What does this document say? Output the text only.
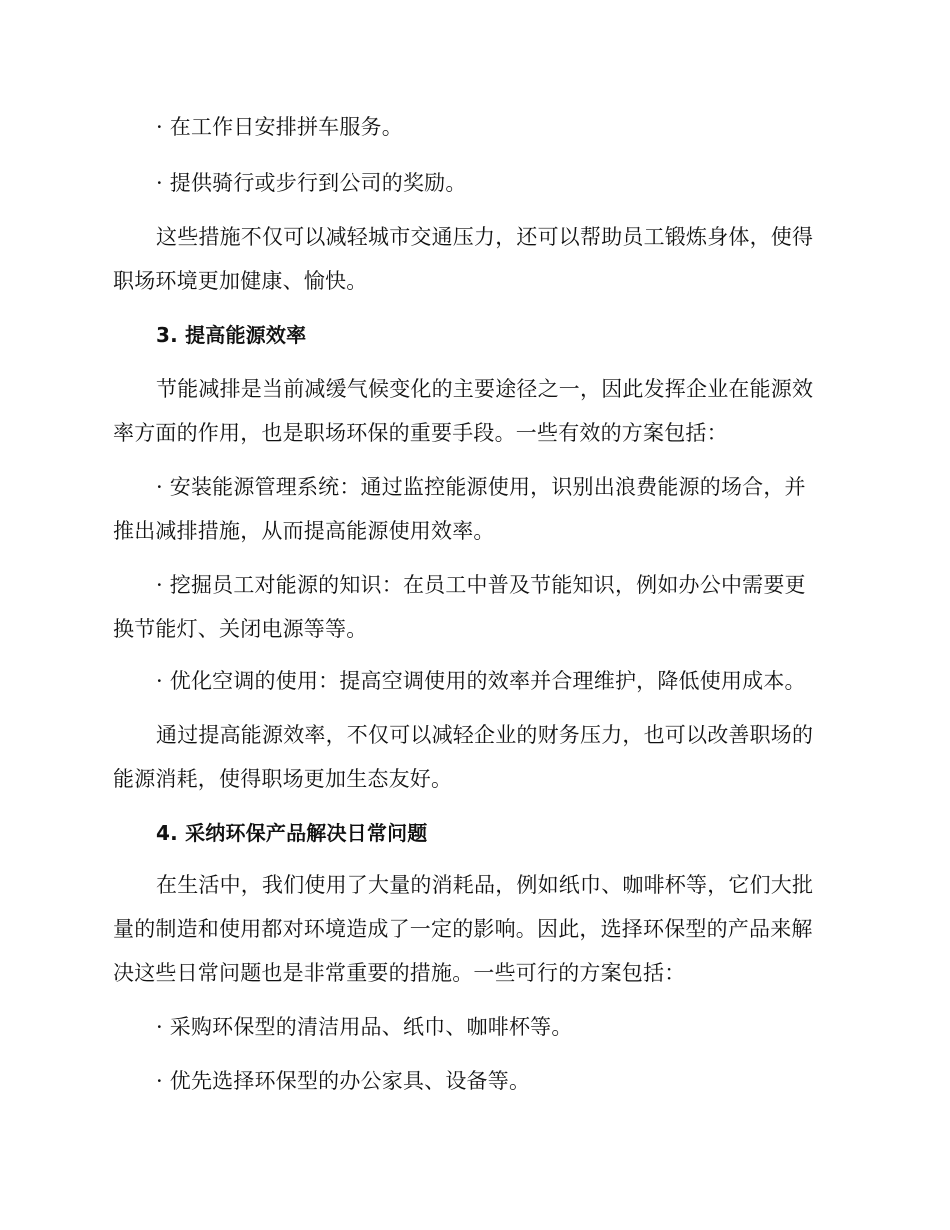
· 在工作日安排拼车服务。
· 提供骑行或步行到公司的奖励。
这些措施不仅可以减轻城市交通压力，还可以帮助员工锻炼身体，使得
职场环境更加健康、愉快。
3. 提高能源效率
节能减排是当前减缓气候变化的主要途径之一，因此发挥企业在能源效
率方面的作用，也是职场环保的重要手段。一些有效的方案包括：
· 安装能源管理系统：通过监控能源使用，识别出浪费能源的场合，并
推出减排措施，从而提高能源使用效率。
· 挖掘员工对能源的知识：在员工中普及节能知识，例如办公中需要更
换节能灯、关闭电源等等。
· 优化空调的使用：提高空调使用的效率并合理维护，降低使用成本。
通过提高能源效率，不仅可以减轻企业的财务压力，也可以改善职场的
能源消耗，使得职场更加生态友好。
4. 采纳环保产品解决日常问题
在生活中，我们使用了大量的消耗品，例如纸巾、咖啡杯等，它们大批
量的制造和使用都对环境造成了一定的影响。因此，选择环保型的产品来解
决这些日常问题也是非常重要的措施。一些可行的方案包括：
· 采购环保型的清洁用品、纸巾、咖啡杯等。
· 优先选择环保型的办公家具、设备等。
